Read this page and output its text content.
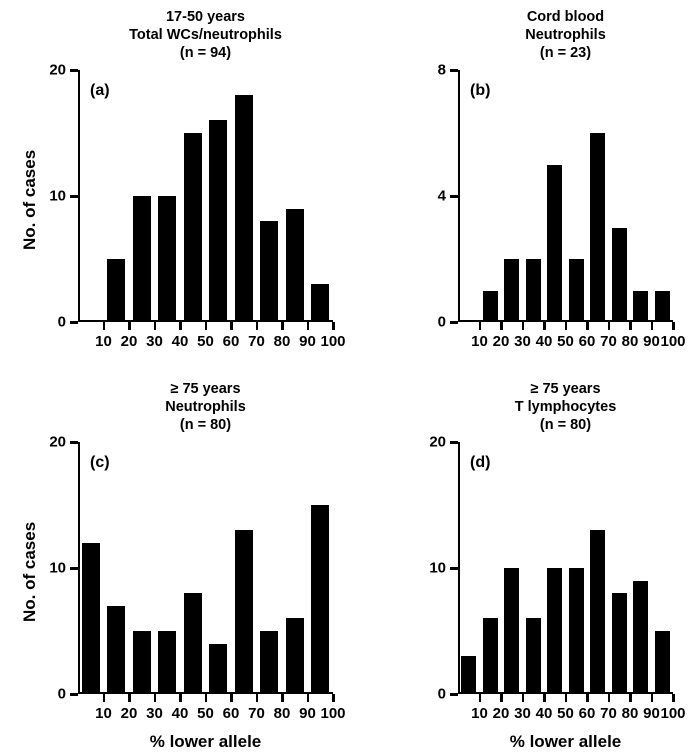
17-50 years
Total WCs/neutrophils
(n = 94)
0
10
20
10 20 30 40 50 60 70 80 90 100
(a)
No. of cases
Cord blood
Neutrophils
(n = 23)
0
4
8
10 20 30 40 50 60 70 80 90 100
(b)
≥ 75 years
Neutrophils
(n = 80)
0
10
20
10 20 30 40 50 60 70 80 90 100
(c)
No. of cases
% lower allele
≥ 75 years
T lymphocytes
(n = 80)
0
10
20
10 20 30 40 50 60 70 80 90 100
(d)
% lower allele
